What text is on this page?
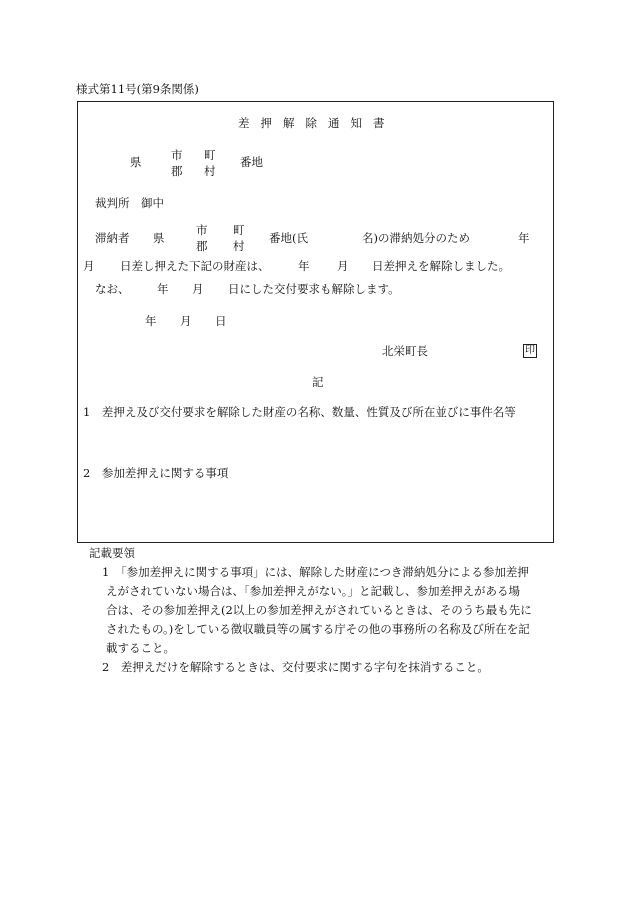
様式第11号(第9条関係)
差 押 解 除 通 知 書
県	市
郡
町
村
番地
裁判所　御中
滞納者 県
市
郡
町
村
番地(氏	名)の滞納処分のため	年
月 日差し押えた下記の財産は、 年 月 日差押えを解除しました。
なお、 年 月 日にした交付要求も解除します。
年 月 日
北栄町長	印
記
1　差押え及び交付要求を解除した財産の名称、数量、性質及び所在並びに事件名等
2　参加差押えに関する事項
記載要領
1　「参加差押えに関する事項」には、解除した財産につき滞納処分による参加差押
えがされていない場合は、「参加差押えがない。」と記載し、参加差押えがある場
合は、その参加差押え(2以上の参加差押えがされているときは、そのうち最も先に
されたもの。)をしている徴収職員等の属する庁その他の事務所の名称及び所在を記
載すること。
2　差押えだけを解除するときは、交付要求に関する字句を抹消すること。
